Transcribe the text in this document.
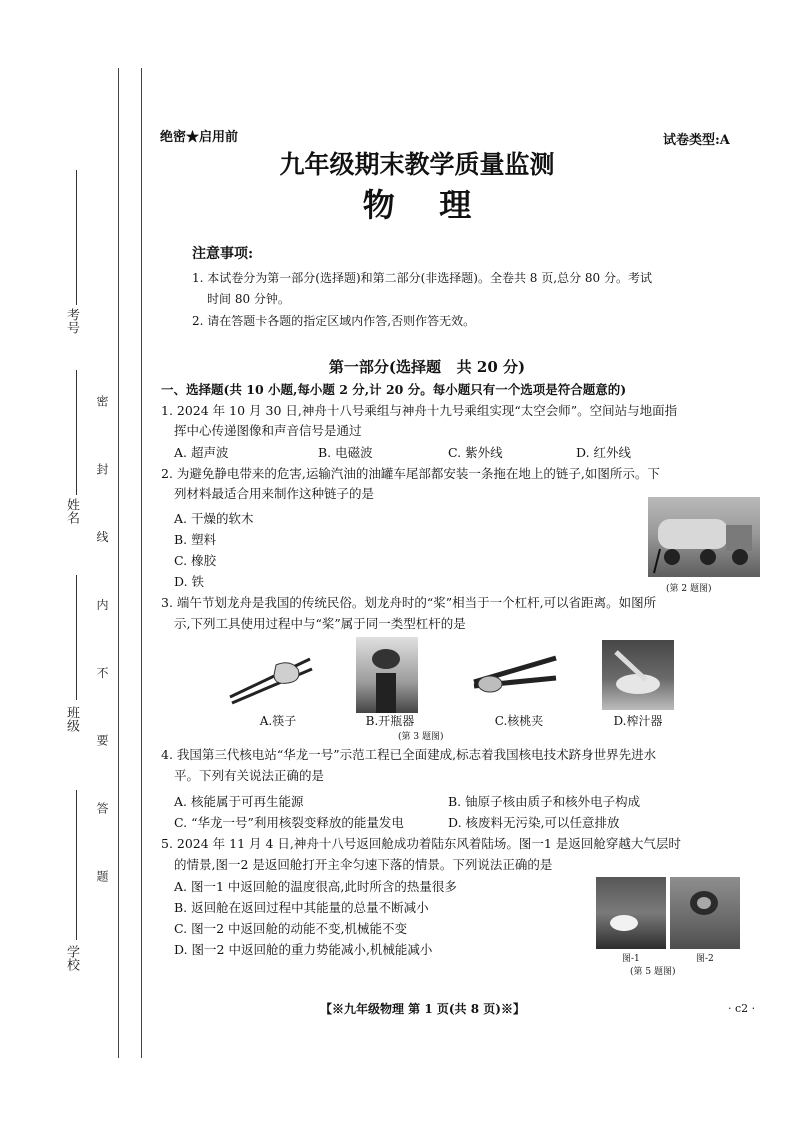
考号
姓名
班级
学校
密 封 线 内 不 要 答 题
绝密★启用前	试卷类型:A
九年级期末教学质量监测
物    理
注意事项:
1. 本试卷分为第一部分(选择题)和第二部分(非选择题)。全卷共 8 页,总分 80 分。考试
时间 80 分钟。
2. 请在答题卡各题的指定区域内作答,否则作答无效。
第一部分(选择题   共 20 分)
一、选择题(共 10 小题,每小题 2 分,计 20 分。每小题只有一个选项是符合题意的)
1. 2024 年 10 月 30 日,神舟十八号乘组与神舟十九号乘组实现“太空会师”。空间站与地面指
挥中心传递图像和声音信号是通过
A. 超声波	B. 电磁波	C. 紫外线	D. 红外线
2. 为避免静电带来的危害,运输汽油的油罐车尾部都安装一条拖在地上的链子,如图所示。下
列材料最适合用来制作这种链子的是
A. 干燥的软木
B. 塑料
C. 橡胶
D. 铁	(第 2 题图)
3. 端午节划龙舟是我国的传统民俗。划龙舟时的“桨”相当于一个杠杆,可以省距离。如图所
示,下列工具使用过程中与“桨”属于同一类型杠杆的是
A.筷子	B.开瓶器	C.核桃夹	D.榨汁器
(第 3 题图)
4. 我国第三代核电站“华龙一号”示范工程已全面建成,标志着我国核电技术跻身世界先进水
平。下列有关说法正确的是
A. 核能属于可再生能源	B. 铀原子核由质子和核外电子构成
C. “华龙一号”利用核裂变释放的能量发电	D. 核废料无污染,可以任意排放
5. 2024 年 11 月 4 日,神舟十八号返回舱成功着陆东风着陆场。图一1 是返回舱穿越大气层时
的情景,图一2 是返回舱打开主伞匀速下落的情景。下列说法正确的是
A. 图一1 中返回舱的温度很高,此时所含的热量很多
B. 返回舱在返回过程中其能量的总量不断减小
C. 图一2 中返回舱的动能不变,机械能不变
D. 图一2 中返回舱的重力势能减小,机械能减小
图-1	图-2
(第 5 题图)
【※九年级物理 第 1 页(共 8 页)※】	· c2 ·
